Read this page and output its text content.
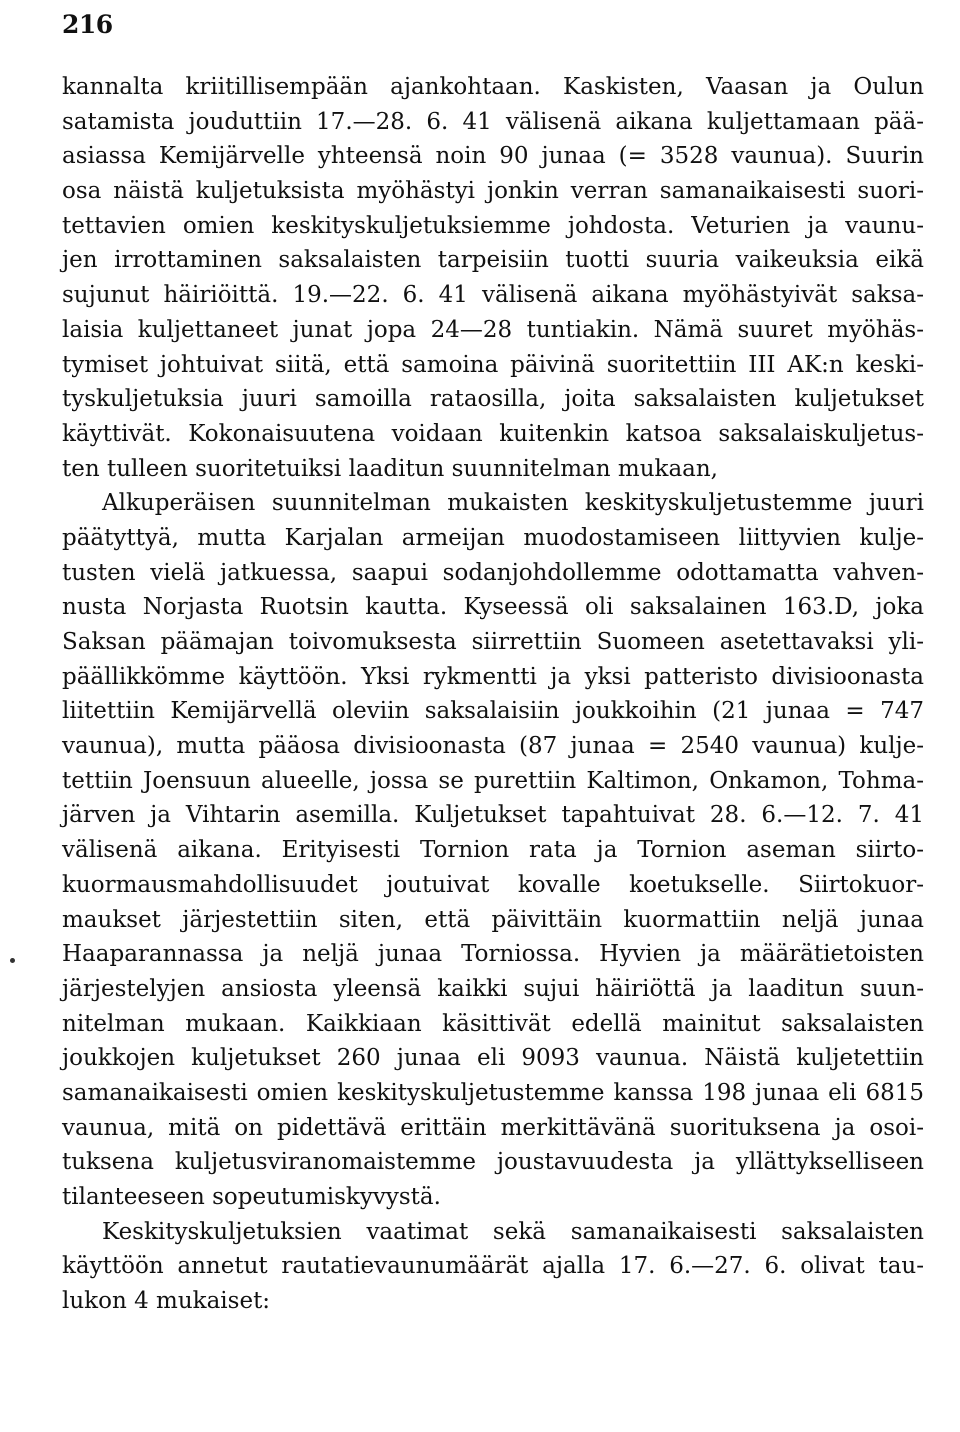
216
kannalta kriitillisempään ajankohtaan. Kaskisten, Vaasan ja Oulun
satamista jouduttiin 17.—28. 6. 41 välisenä aikana kuljettamaan pää-
asiassa Kemijärvelle yhteensä noin 90 junaa (= 3528 vaunua). Suurin
osa näistä kuljetuksista myöhästyi jonkin verran samanaikaisesti suori-
tettavien omien keskityskuljetuksiemme johdosta. Veturien ja vaunu-
jen irrottaminen saksalaisten tarpeisiin tuotti suuria vaikeuksia eikä
sujunut häiriöittä. 19.—22. 6. 41 välisenä aikana myöhästyivät saksa-
laisia kuljettaneet junat jopa 24—28 tuntiakin. Nämä suuret myöhäs-
tymiset johtuivat siitä, että samoina päivinä suoritettiin III AK:n keski-
tyskuljetuksia juuri samoilla rataosilla, joita saksalaisten kuljetukset
käyttivät. Kokonaisuutena voidaan kuitenkin katsoa saksalaiskuljetus-
ten tulleen suoritetuiksi laaditun suunnitelman mukaan,
Alkuperäisen suunnitelman mukaisten keskityskuljetustemme juuri
päätyttyä, mutta Karjalan armeijan muodostamiseen liittyvien kulje-
tusten vielä jatkuessa, saapui sodanjohdollemme odottamatta vahven-
nusta Norjasta Ruotsin kautta. Kyseessä oli saksalainen 163.D, joka
Saksan päämajan toivomuksesta siirrettiin Suomeen asetettavaksi yli-
päällikkömme käyttöön. Yksi rykmentti ja yksi patteristo divisioonasta
liitettiin Kemijärvellä oleviin saksalaisiin joukkoihin (21 junaa = 747
vaunua), mutta pääosa divisioonasta (87 junaa = 2540 vaunua) kulje-
tettiin Joensuun alueelle, jossa se purettiin Kaltimon, Onkamon, Tohma-
järven ja Vihtarin asemilla. Kuljetukset tapahtuivat 28. 6.—12. 7. 41
välisenä aikana. Erityisesti Tornion rata ja Tornion aseman siirto-
kuormausmahdollisuudet joutuivat kovalle koetukselle. Siirtokuor-
maukset järjestettiin siten, että päivittäin kuormattiin neljä junaa
Haaparannassa ja neljä junaa Torniossa. Hyvien ja määrätietoisten
järjestelyjen ansiosta yleensä kaikki sujui häiriöttä ja laaditun suun-
nitelman mukaan. Kaikkiaan käsittivät edellä mainitut saksalaisten
joukkojen kuljetukset 260 junaa eli 9093 vaunua. Näistä kuljetettiin
samanaikaisesti omien keskityskuljetustemme kanssa 198 junaa eli 6815
vaunua, mitä on pidettävä erittäin merkittävänä suorituksena ja osoi-
tuksena kuljetusviranomaistemme joustavuudesta ja yllättykselliseen
tilanteeseen sopeutumiskyvystä.
Keskityskuljetuksien vaatimat sekä samanaikaisesti saksalaisten
käyttöön annetut rautatievaunumäärät ajalla 17. 6.—27. 6. olivat tau-
lukon 4 mukaiset:
